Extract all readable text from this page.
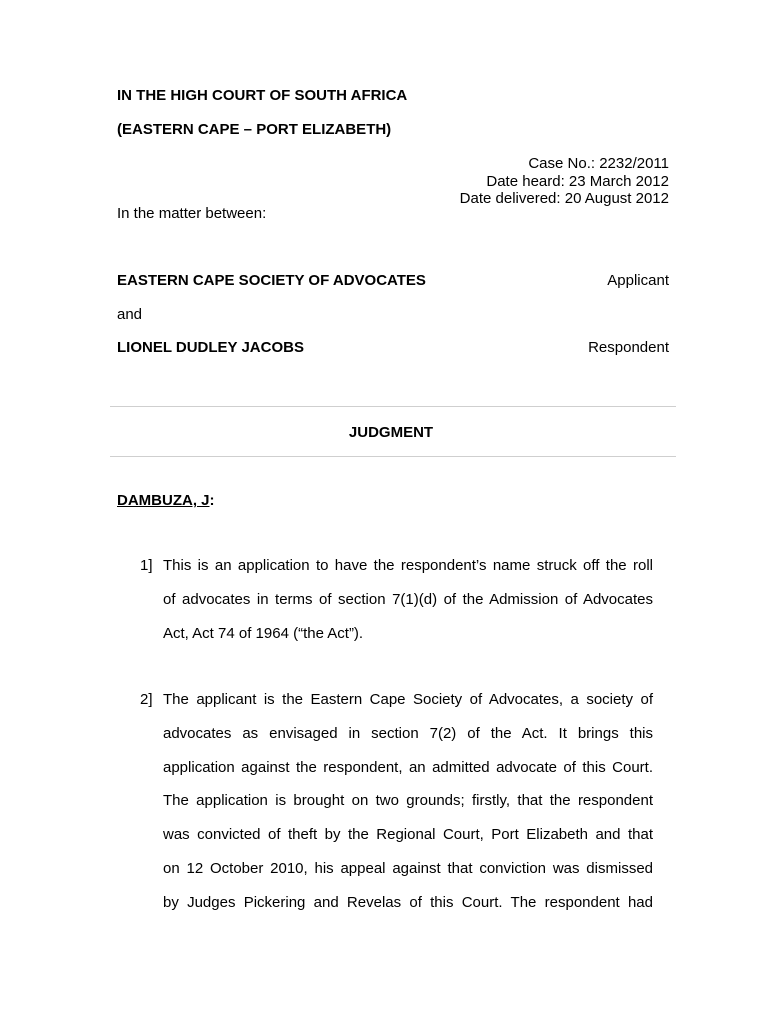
IN THE HIGH COURT OF SOUTH AFRICA
(EASTERN CAPE – PORT ELIZABETH)
Case No.: 2232/2011
Date heard: 23 March 2012
Date delivered: 20 August 2012
In the matter between:
EASTERN CAPE SOCIETY OF ADVOCATES	Applicant
and
LIONEL DUDLEY JACOBS	Respondent
JUDGMENT
DAMBUZA, J:
1] This is an application to have the respondent’s name struck off the roll
of advocates in terms of section 7(1)(d) of the Admission of Advocates
Act, Act 74 of 1964 (“the Act”).
2] The applicant is the Eastern Cape Society of Advocates, a society of
advocates as envisaged in section 7(2) of the Act. It brings this
application against the respondent, an admitted advocate of this Court.
The application is brought on two grounds; firstly, that the respondent
was convicted of theft by the Regional Court, Port Elizabeth and that
on 12 October 2010, his appeal against that conviction was dismissed
by Judges Pickering and Revelas of this Court. The respondent had
